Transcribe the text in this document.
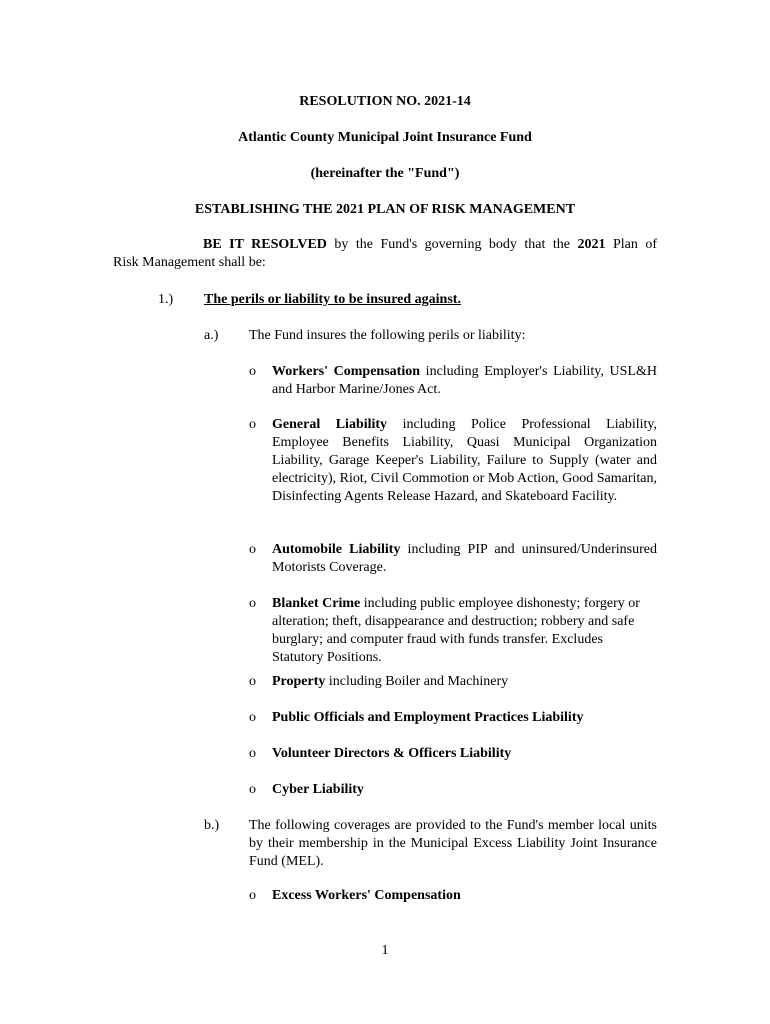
RESOLUTION NO. 2021-14
Atlantic County Municipal Joint Insurance Fund
(hereinafter the "Fund")
ESTABLISHING THE 2021 PLAN OF RISK MANAGEMENT
BE IT RESOLVED by the Fund's governing body that the 2021 Plan of
Risk Management shall be:
1.) The perils or liability to be insured against.
a.) The Fund insures the following perils or liability:
o Workers' Compensation including Employer's Liability, USL&H and Harbor Marine/Jones Act.
o General Liability including Police Professional Liability, Employee Benefits Liability, Quasi Municipal Organization Liability, Garage Keeper's Liability, Failure to Supply (water and electricity), Riot, Civil Commotion or Mob Action, Good Samaritan, Disinfecting Agents Release Hazard, and Skateboard Facility.
o Automobile Liability including PIP and uninsured/Underinsured Motorists Coverage.
o Blanket Crime including public employee dishonesty; forgery or alteration; theft, disappearance and destruction; robbery and safe burglary; and computer fraud with funds transfer. Excludes Statutory Positions.
o Property including Boiler and Machinery
o Public Officials and Employment Practices Liability
o Volunteer Directors & Officers Liability
o Cyber Liability
b.) The following coverages are provided to the Fund's member local units by their membership in the Municipal Excess Liability Joint Insurance Fund (MEL).
o Excess Workers' Compensation
1
